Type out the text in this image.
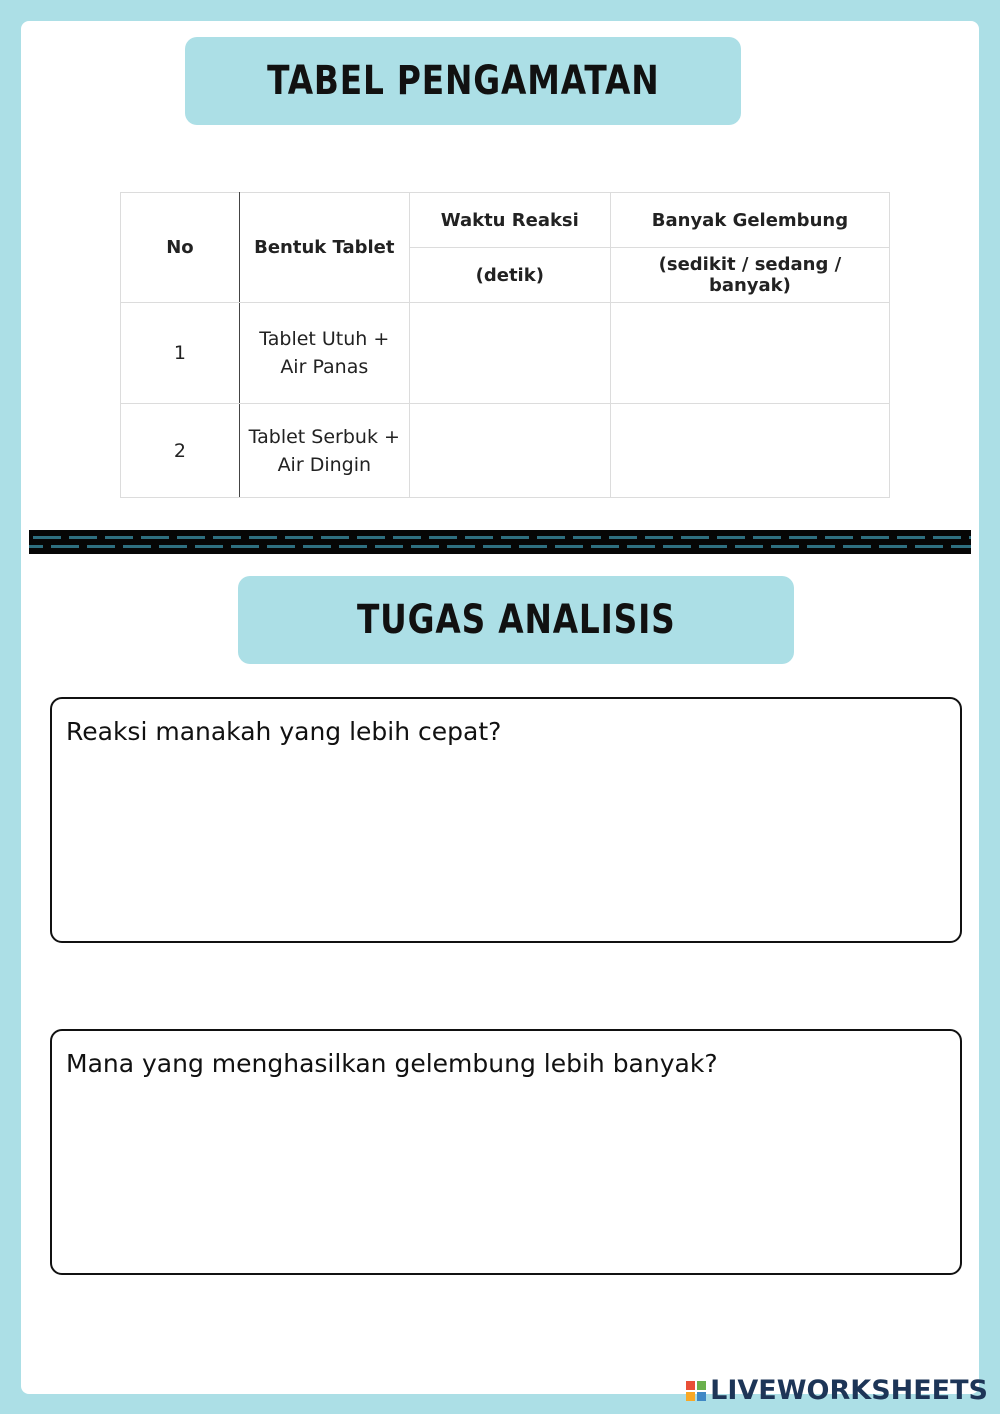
TABEL PENGAMATAN
No	Bentuk Tablet	Waktu Reaksi	Banyak Gelembung
		(detik)	(sedikit / sedang / banyak)
1	Tablet Utuh +
Air Panas		
2	Tablet Serbuk +
Air Dingin		
TUGAS ANALISIS

Reaksi manakah yang lebih cepat?

Mana yang menghasilkan gelembung lebih banyak?

LIVEWORKSHEETS
